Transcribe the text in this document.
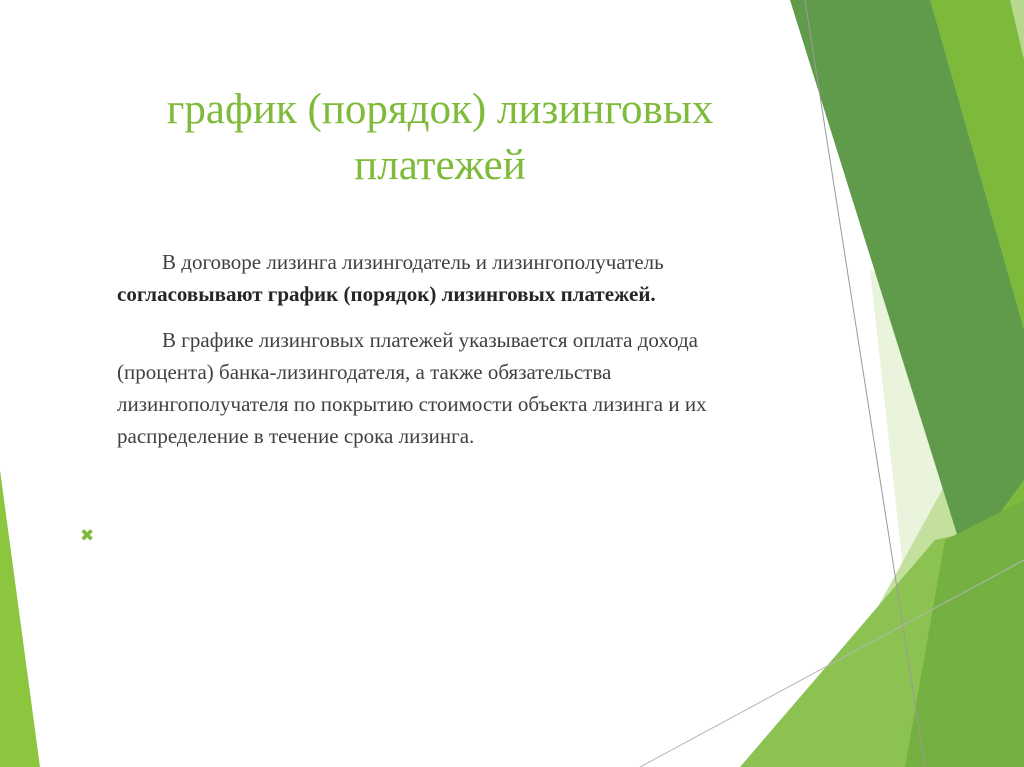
график (порядок) лизинговых
платежей

В договоре лизинга лизингодатель и лизингополучатель согласовывают график (порядок) лизинговых платежей.

В графике лизинговых платежей указывается оплата дохода (процента) банка-лизингодателя, а также обязательства лизингополучателя по покрытию стоимости объекта лизинга и их распределение в течение срока лизинга.

✖
